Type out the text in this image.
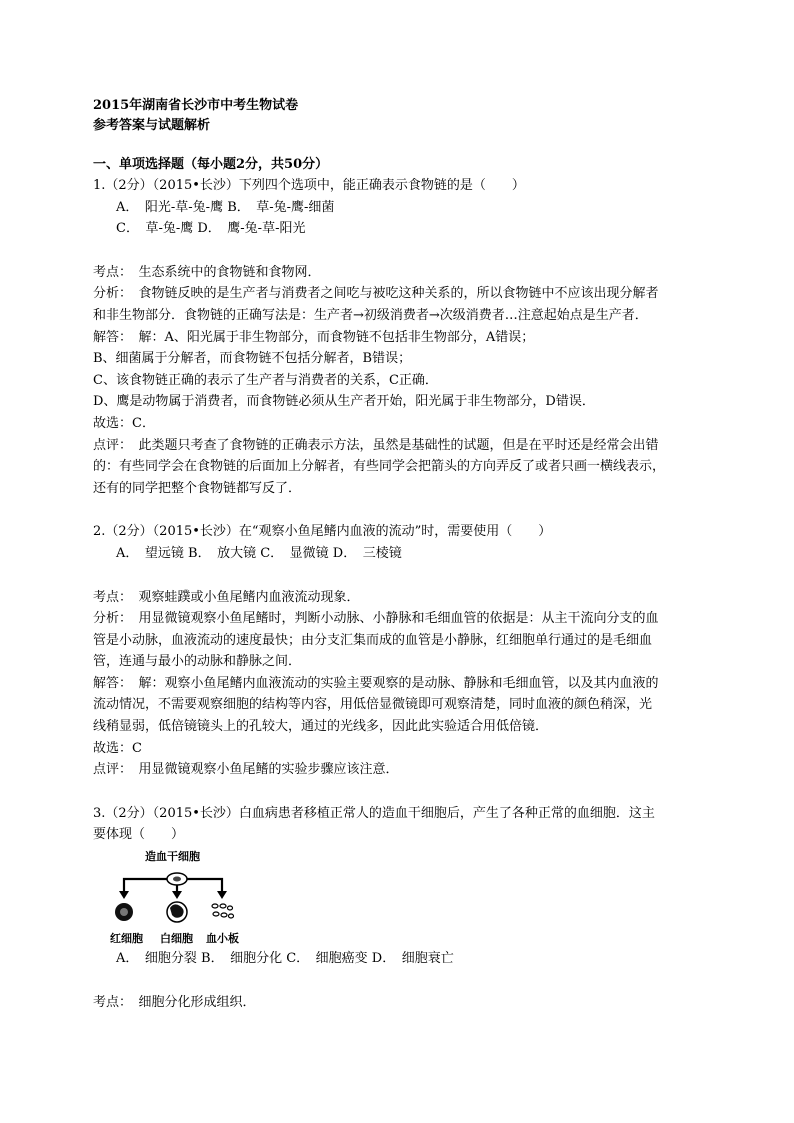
2015年湖南省长沙市中考生物试卷
参考答案与试题解析
一、单项选择题（每小题2分，共50分）
1.（2分）（2015•长沙）下列四个选项中，能正确表示食物链的是（　　）
A．　阳光-草-兔-鹰 B．　草-兔-鹰-细菌
C．　草-兔-鹰 D．　鹰-兔-草-阳光
考点：　生态系统中的食物链和食物网．
分析：　食物链反映的是生产者与消费者之间吃与被吃这种关系的，所以食物链中不应该出现分解者
和非生物部分．食物链的正确写法是：生产者→初级消费者→次级消费者…注意起始点是生产者．
解答：　解：A、阳光属于非生物部分，而食物链不包括非生物部分，A错误；
B、细菌属于分解者，而食物链不包括分解者，B错误；
C、该食物链正确的表示了生产者与消费者的关系，C正确．
D、鹰是动物属于消费者，而食物链必须从生产者开始，阳光属于非生物部分，D错误．
故选：C．
点评：　此类题只考查了食物链的正确表示方法，虽然是基础性的试题，但是在平时还是经常会出错
的：有些同学会在食物链的后面加上分解者，有些同学会把箭头的方向弄反了或者只画一横线表示，
还有的同学把整个食物链都写反了．
2.（2分）（2015•长沙）在“观察小鱼尾鳍内血液的流动”时，需要使用（　　）
A．　望远镜 B．　放大镜 C．　显微镜 D．　三棱镜
考点：　观察蛙蹼或小鱼尾鳍内血液流动现象．
分析：　用显微镜观察小鱼尾鳍时，判断小动脉、小静脉和毛细血管的依据是：从主干流向分支的血
管是小动脉，血液流动的速度最快；由分支汇集而成的血管是小静脉，红细胞单行通过的是毛细血
管，连通与最小的动脉和静脉之间．
解答：　解：观察小鱼尾鳍内血液流动的实验主要观察的是动脉、静脉和毛细血管，以及其内血液的
流动情况，不需要观察细胞的结构等内容，用低倍显微镜即可观察清楚，同时血液的颜色稍深，光
线稍显弱，低倍镜镜头上的孔较大，通过的光线多，因此此实验适合用低倍镜．
故选：C
点评：　用显微镜观察小鱼尾鳍的实验步骤应该注意．
3.（2分）（2015•长沙）白血病患者移植正常人的造血干细胞后，产生了各种正常的血细胞．这主
要体现（　　）
造血干细胞
红细胞 白细胞 血小板
A．　细胞分裂 B．　细胞分化 C．　细胞癌变 D．　细胞衰亡
考点：　细胞分化形成组织．
